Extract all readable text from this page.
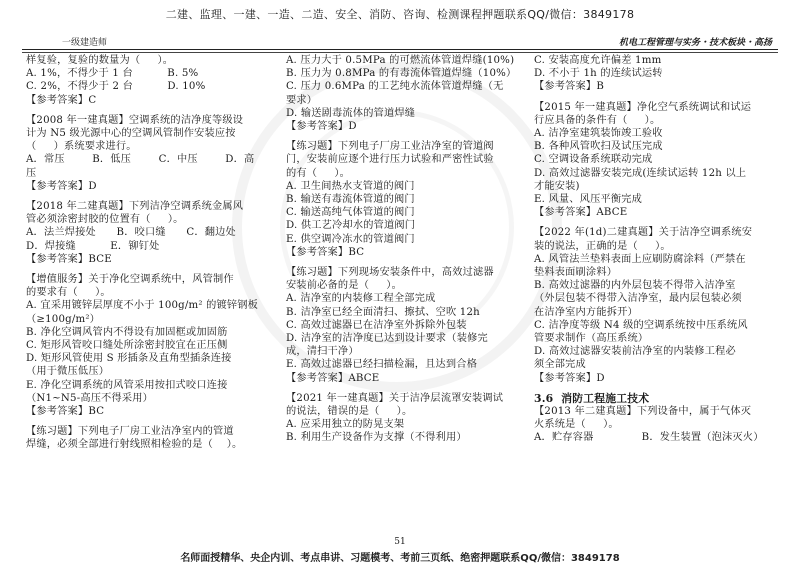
二建、监理、一建、一造、二造、安全、消防、咨询、检测课程押题联系QQ/微信：3849178
一级建造师	机电工程管理与实务・技术板块・高扬

样复验，复验的数量为（     ）。

A. 1%，不得少于 1 台          B. 5%

C. 2%，不得少于 2 台          D. 10%

【参考答案】C

【2008 年一建真题】空调系统的洁净度等级设

计为 N5 级光源中心的空调风管制作安装应按

（     ）系统要求进行。

A．常压        B．低压        C．中压        D．高压

【参考答案】D

【2018 年二建真题】下列洁净空调系统金属风

管必须涂密封胶的位置有（     ）。

A．法兰焊接处      B．咬口缝      C．翻边处

D．焊接缝          E．铆钉处

【参考答案】BCE

【增值服务】关于净化空调系统中，风管制作

的要求有（     ）。

A. 宜采用镀锌层厚度不小于 100g/m² 的镀锌钢板

（≥100g/m²）

B. 净化空调风管内不得设有加固框或加固筋

C. 矩形风管咬口缝处所涂密封胶宜在正压侧

D. 矩形风管使用 S 形插条及直角型插条连接

（用于微压低压）

E. 净化空调系统的风管采用按扣式咬口连接

（N1~N5-高压不得采用）

【参考答案】BC

【练习题】下列电子厂房工业洁净室内的管道

焊缝，必须全部进行射线照相检验的是（    ）。

A. 压力大于 0.5MPa 的可燃流体管道焊缝(10%)

B. 压力为 0.8MPa 的有毒流体管道焊缝（10%）

C. 压力 0.6MPa 的工艺纯水流体管道焊缝（无

要求）

D. 输送剧毒流体的管道焊缝

【参考答案】D

【练习题】下列电子厂房工业洁净室的管道阀

门，安装前应逐个进行压力试验和严密性试验

的有（     ）。

A. 卫生间热水支管道的阀门

B. 输送有毒流体管道的阀门

C. 输送高纯气体管道的阀门

D. 供工艺冷却水的管道阀门

E. 供空调冷冻水的管道阀门

【参考答案】BC

【练习题】下列现场安装条件中，高效过滤器

安装前必备的是（     ）。

A. 洁净室的内装修工程全部完成

B. 洁净室已经全面清扫、擦拭、空吹 12h

C. 高效过滤器已在洁净室外拆除外包装

D. 洁净室的洁净度已达到设计要求（装修完

成，清扫干净）

E. 高效过滤器已经扫描检漏，且达到合格

【参考答案】ABCE

【2021 年一建真题】关于洁净层流罩安装调试

的说法，错误的是（     ）。

A. 应采用独立的防晃支架

B. 利用生产设备作为支撑（不得利用）

C. 安装高度允许偏差 1mm

D. 不小于 1h 的连续试运转

【参考答案】B

【2015 年一建真题】净化空气系统调试和试运

行应具备的条件有（     ）。

A. 洁净室建筑装饰竣工验收

B. 各种风管吹扫及试压完成

C. 空调设备系统联动完成

D. 高效过滤器安装完成(连续试运转 12h 以上

才能安装)

E. 风量、风压平衡完成

【参考答案】ABCE

【2022 年(1d)二建真题】关于洁净空调系统安

装的说法，正确的是（     ）。

A. 风管法兰垫料表面上应刷防腐涂料（严禁在

垫料表面刷涂料）

B. 高效过滤器的内外层包装不得带入洁净室

（外层包装不得带入洁净室，最内层包装必须

在洁净室内方能拆开）

C. 洁净度等级 N4 级的空调系统按中压系统风

管要求制作（高压系统）

D. 高效过滤器安装前洁净室的内装修工程必

须全部完成

【参考答案】D

3.6  消防工程施工技术

【2013 年二建真题】下列设备中，属于气体灭

火系统是（     ）。

A．贮存容器              B．发生装置（泡沫灭火）

51
名师面授精华、央企内训、考点串讲、习题模考、考前三页纸、绝密押题联系QQ/微信：3849178
